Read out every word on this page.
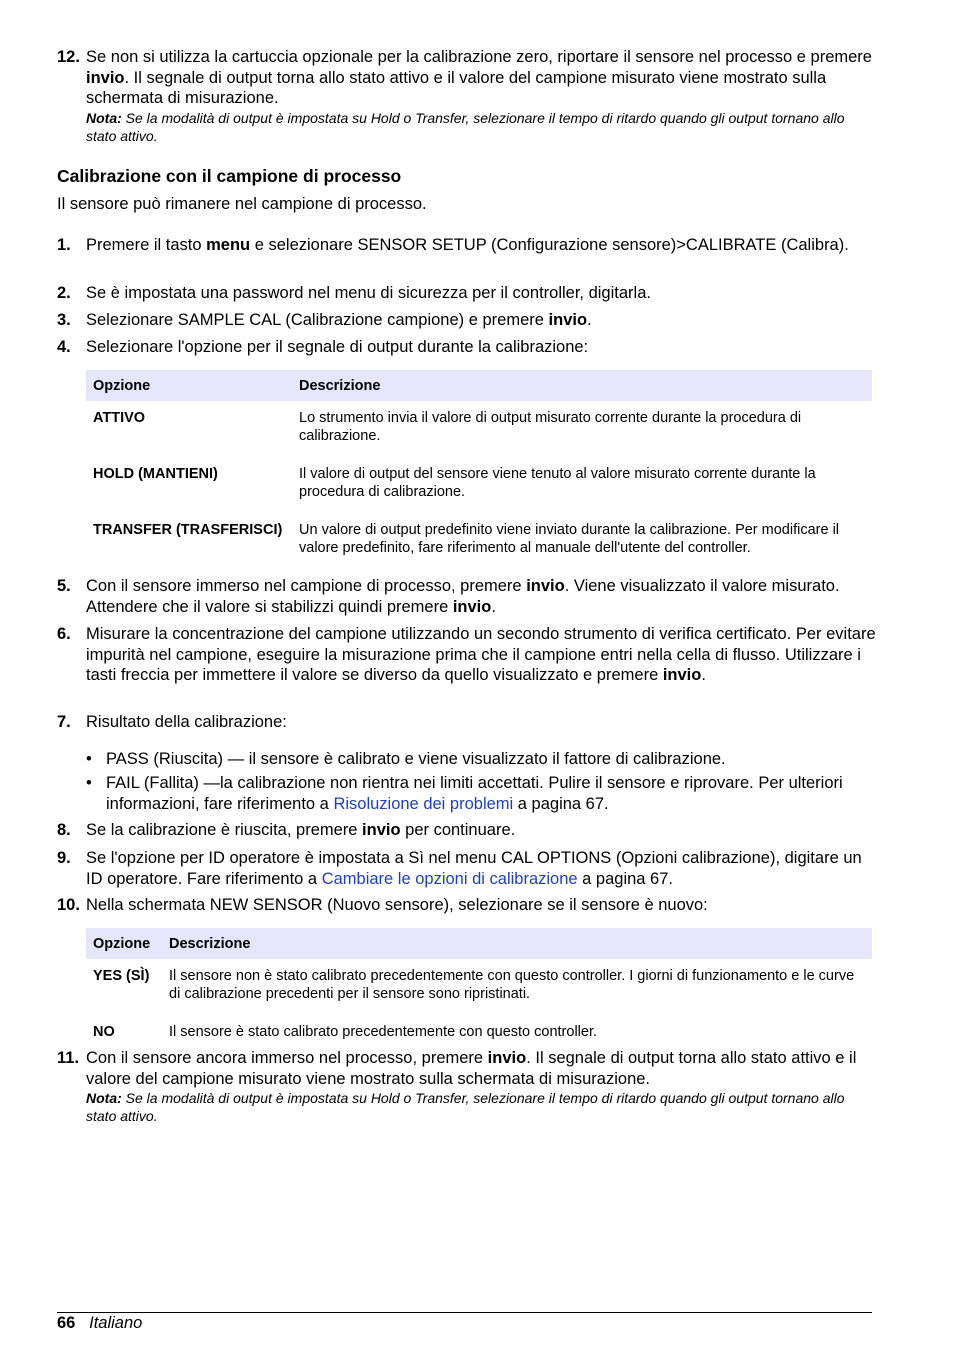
12. Se non si utilizza la cartuccia opzionale per la calibrazione zero, riportare il sensore nel processo e premere invio. Il segnale di output torna allo stato attivo e il valore del campione misurato viene mostrato sulla schermata di misurazione.
Nota: Se la modalità di output è impostata su Hold o Transfer, selezionare il tempo di ritardo quando gli output tornano allo stato attivo.
Calibrazione con il campione di processo
Il sensore può rimanere nel campione di processo.
1. Premere il tasto menu e selezionare SENSOR SETUP (Configurazione sensore)>CALIBRATE (Calibra).
2. Se è impostata una password nel menu di sicurezza per il controller, digitarla.
3. Selezionare SAMPLE CAL (Calibrazione campione) e premere invio.
4. Selezionare l'opzione per il segnale di output durante la calibrazione:
Opzione	Descrizione
ATTIVO	Lo strumento invia il valore di output misurato corrente durante la procedura di calibrazione.
HOLD (MANTIENI)	Il valore di output del sensore viene tenuto al valore misurato corrente durante la procedura di calibrazione.
TRANSFER (TRASFERISCI)	Un valore di output predefinito viene inviato durante la calibrazione. Per modificare il valore predefinito, fare riferimento al manuale dell'utente del controller.
5. Con il sensore immerso nel campione di processo, premere invio. Viene visualizzato il valore misurato. Attendere che il valore si stabilizzi quindi premere invio.
6. Misurare la concentrazione del campione utilizzando un secondo strumento di verifica certificato. Per evitare impurità nel campione, eseguire la misurazione prima che il campione entri nella cella di flusso. Utilizzare i tasti freccia per immettere il valore se diverso da quello visualizzato e premere invio.
7. Risultato della calibrazione:
• PASS (Riuscita) — il sensore è calibrato e viene visualizzato il fattore di calibrazione.
• FAIL (Fallita) —la calibrazione non rientra nei limiti accettati. Pulire il sensore e riprovare. Per ulteriori informazioni, fare riferimento a Risoluzione dei problemi a pagina 67.
8. Se la calibrazione è riuscita, premere invio per continuare.
9. Se l'opzione per ID operatore è impostata a Sì nel menu CAL OPTIONS (Opzioni calibrazione), digitare un ID operatore. Fare riferimento a Cambiare le opzioni di calibrazione a pagina 67.
10. Nella schermata NEW SENSOR (Nuovo sensore), selezionare se il sensore è nuovo:
Opzione	Descrizione
YES (SÌ)	Il sensore non è stato calibrato precedentemente con questo controller. I giorni di funzionamento e le curve di calibrazione precedenti per il sensore sono ripristinati.
NO	Il sensore è stato calibrato precedentemente con questo controller.
11. Con il sensore ancora immerso nel processo, premere invio. Il segnale di output torna allo stato attivo e il valore del campione misurato viene mostrato sulla schermata di misurazione.
Nota: Se la modalità di output è impostata su Hold o Transfer, selezionare il tempo di ritardo quando gli output tornano allo stato attivo.
66 Italiano
